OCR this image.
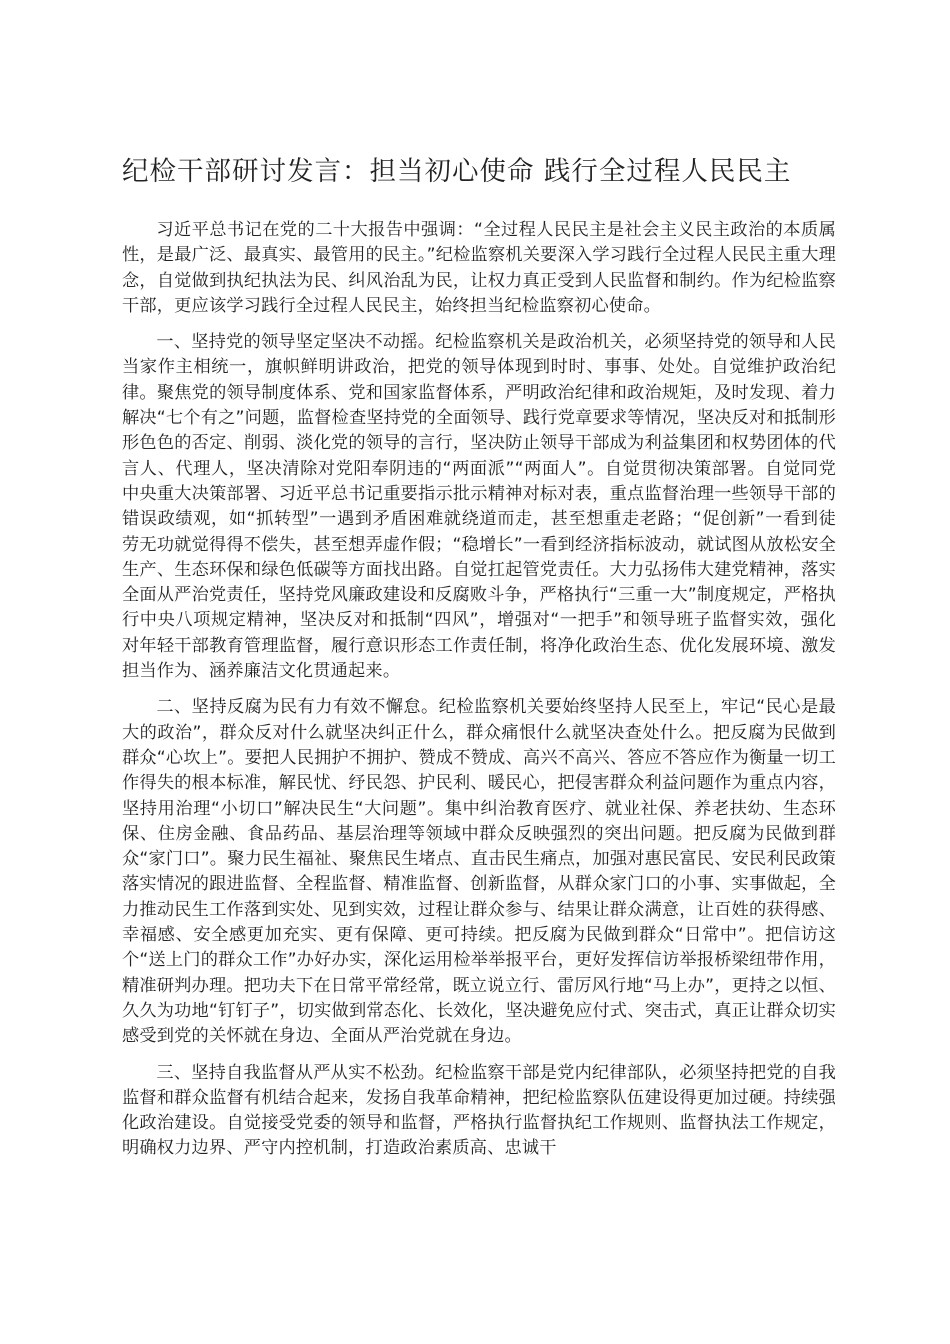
纪检干部研讨发言：担当初心使命 践行全过程人民民主

习近平总书记在党的二十大报告中强调：“全过程人民民主是社会主义民主政治的本质属性，是最广泛、最真实、最管用的民主。”纪检监察机关要深入学习践行全过程人民民主重大理念，自觉做到执纪执法为民、纠风治乱为民，让权力真正受到人民监督和制约。作为纪检监察干部，更应该学习践行全过程人民民主，始终担当纪检监察初心使命。

一、坚持党的领导坚定坚决不动摇。纪检监察机关是政治机关，必须坚持党的领导和人民当家作主相统一，旗帜鲜明讲政治，把党的领导体现到时时、事事、处处。自觉维护政治纪律。聚焦党的领导制度体系、党和国家监督体系，严明政治纪律和政治规矩，及时发现、着力解决“七个有之”问题，监督检查坚持党的全面领导、践行党章要求等情况，坚决反对和抵制形形色色的否定、削弱、淡化党的领导的言行，坚决防止领导干部成为利益集团和权势团体的代言人、代理人，坚决清除对党阳奉阴违的“两面派”“两面人”。自觉贯彻决策部署。自觉同党中央重大决策部署、习近平总书记重要指示批示精神对标对表，重点监督治理一些领导干部的错误政绩观，如“抓转型”一遇到矛盾困难就绕道而走，甚至想重走老路；“促创新”一看到徒劳无功就觉得得不偿失，甚至想弄虚作假；“稳增长”一看到经济指标波动，就试图从放松安全生产、生态环保和绿色低碳等方面找出路。自觉扛起管党责任。大力弘扬伟大建党精神，落实全面从严治党责任，坚持党风廉政建设和反腐败斗争，严格执行“三重一大”制度规定，严格执行中央八项规定精神，坚决反对和抵制“四风”，增强对“一把手”和领导班子监督实效，强化对年轻干部教育管理监督，履行意识形态工作责任制，将净化政治生态、优化发展环境、激发担当作为、涵养廉洁文化贯通起来。

二、坚持反腐为民有力有效不懈怠。纪检监察机关要始终坚持人民至上，牢记“民心是最大的政治”，群众反对什么就坚决纠正什么，群众痛恨什么就坚决查处什么。把反腐为民做到群众“心坎上”。要把人民拥护不拥护、赞成不赞成、高兴不高兴、答应不答应作为衡量一切工作得失的根本标准，解民忧、纾民怨、护民利、暖民心，把侵害群众利益问题作为重点内容，坚持用治理“小切口”解决民生“大问题”。集中纠治教育医疗、就业社保、养老扶幼、生态环保、住房金融、食品药品、基层治理等领域中群众反映强烈的突出问题。把反腐为民做到群众“家门口”。聚力民生福祉、聚焦民生堵点、直击民生痛点，加强对惠民富民、安民利民政策落实情况的跟进监督、全程监督、精准监督、创新监督，从群众家门口的小事、实事做起，全力推动民生工作落到实处、见到实效，过程让群众参与、结果让群众满意，让百姓的获得感、幸福感、安全感更加充实、更有保障、更可持续。把反腐为民做到群众“日常中”。把信访这个“送上门的群众工作”办好办实，深化运用检举举报平台，更好发挥信访举报桥梁纽带作用，精准研判办理。把功夫下在日常平常经常，既立说立行、雷厉风行地“马上办”，更持之以恒、久久为功地“钉钉子”，切实做到常态化、长效化，坚决避免应付式、突击式，真正让群众切实感受到党的关怀就在身边、全面从严治党就在身边。

三、坚持自我监督从严从实不松劲。纪检监察干部是党内纪律部队，必须坚持把党的自我监督和群众监督有机结合起来，发扬自我革命精神，把纪检监察队伍建设得更加过硬。持续强化政治建设。自觉接受党委的领导和监督，严格执行监督执纪工作规则、监督执法工作规定，明确权力边界、严守内控机制，打造政治素质高、忠诚干
